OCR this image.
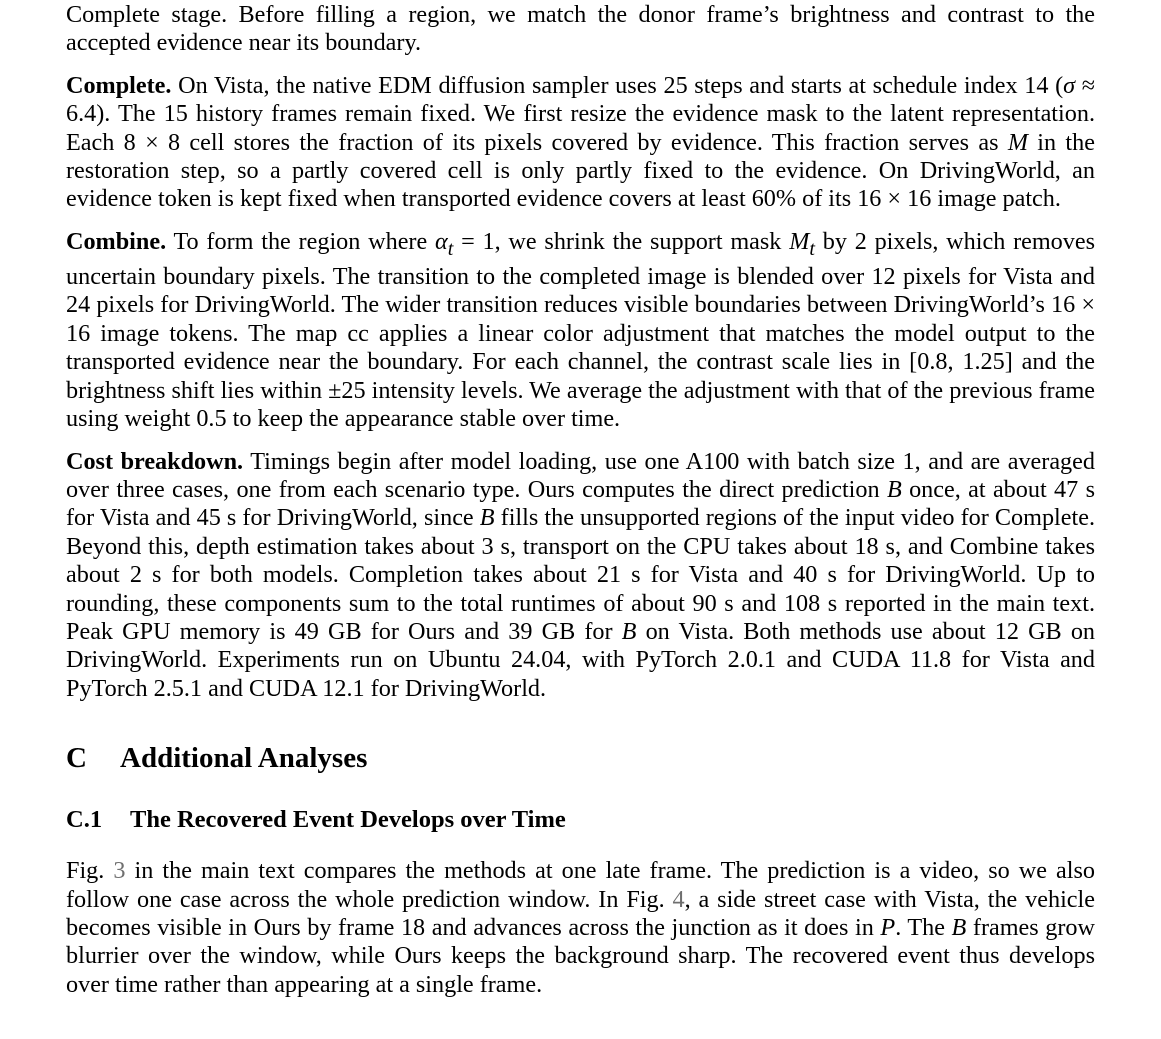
Complete stage. Before filling a region, we match the donor frame’s brightness and contrast to the accepted evidence near its boundary.

Complete. On Vista, the native EDM diffusion sampler uses 25 steps and starts at schedule index 14 (σ ≈ 6.4). The 15 history frames remain fixed. We first resize the evidence mask to the latent representation. Each 8 × 8 cell stores the fraction of its pixels covered by evidence. This fraction serves as M in the restoration step, so a partly covered cell is only partly fixed to the evidence. On DrivingWorld, an evidence token is kept fixed when transported evidence covers at least 60% of its 16 × 16 image patch.

Combine. To form the region where $\alpha_t = 1$, we shrink the support mask $M_t$ by 2 pixels, which removes uncertain boundary pixels. The transition to the completed image is blended over 12 pixels for Vista and 24 pixels for DrivingWorld. The wider transition reduces visible boundaries between DrivingWorld’s 16 × 16 image tokens. The map cc applies a linear color adjustment that matches the model output to the transported evidence near the boundary. For each channel, the contrast scale lies in [0.8, 1.25] and the brightness shift lies within ±25 intensity levels. We average the adjustment with that of the previous frame using weight 0.5 to keep the appearance stable over time.

Cost breakdown. Timings begin after model loading, use one A100 with batch size 1, and are averaged over three cases, one from each scenario type. Ours computes the direct prediction B once, at about 47 s for Vista and 45 s for DrivingWorld, since B fills the unsupported regions of the input video for Complete. Beyond this, depth estimation takes about 3 s, transport on the CPU takes about 18 s, and Combine takes about 2 s for both models. Completion takes about 21 s for Vista and 40 s for DrivingWorld. Up to rounding, these components sum to the total runtimes of about 90 s and 108 s reported in the main text. Peak GPU memory is 49 GB for Ours and 39 GB for B on Vista. Both methods use about 12 GB on DrivingWorld. Experiments run on Ubuntu 24.04, with PyTorch 2.0.1 and CUDA 11.8 for Vista and PyTorch 2.5.1 and CUDA 12.1 for DrivingWorld.

C Additional Analyses
C.1 The Recovered Event Develops over Time

Fig. 3 in the main text compares the methods at one late frame. The prediction is a video, so we also follow one case across the whole prediction window. In Fig. 4, a side street case with Vista, the vehicle becomes visible in Ours by frame 18 and advances across the junction as it does in P. The B frames grow blurrier over the window, while Ours keeps the background sharp. The recovered event thus develops over time rather than appearing at a single frame.
